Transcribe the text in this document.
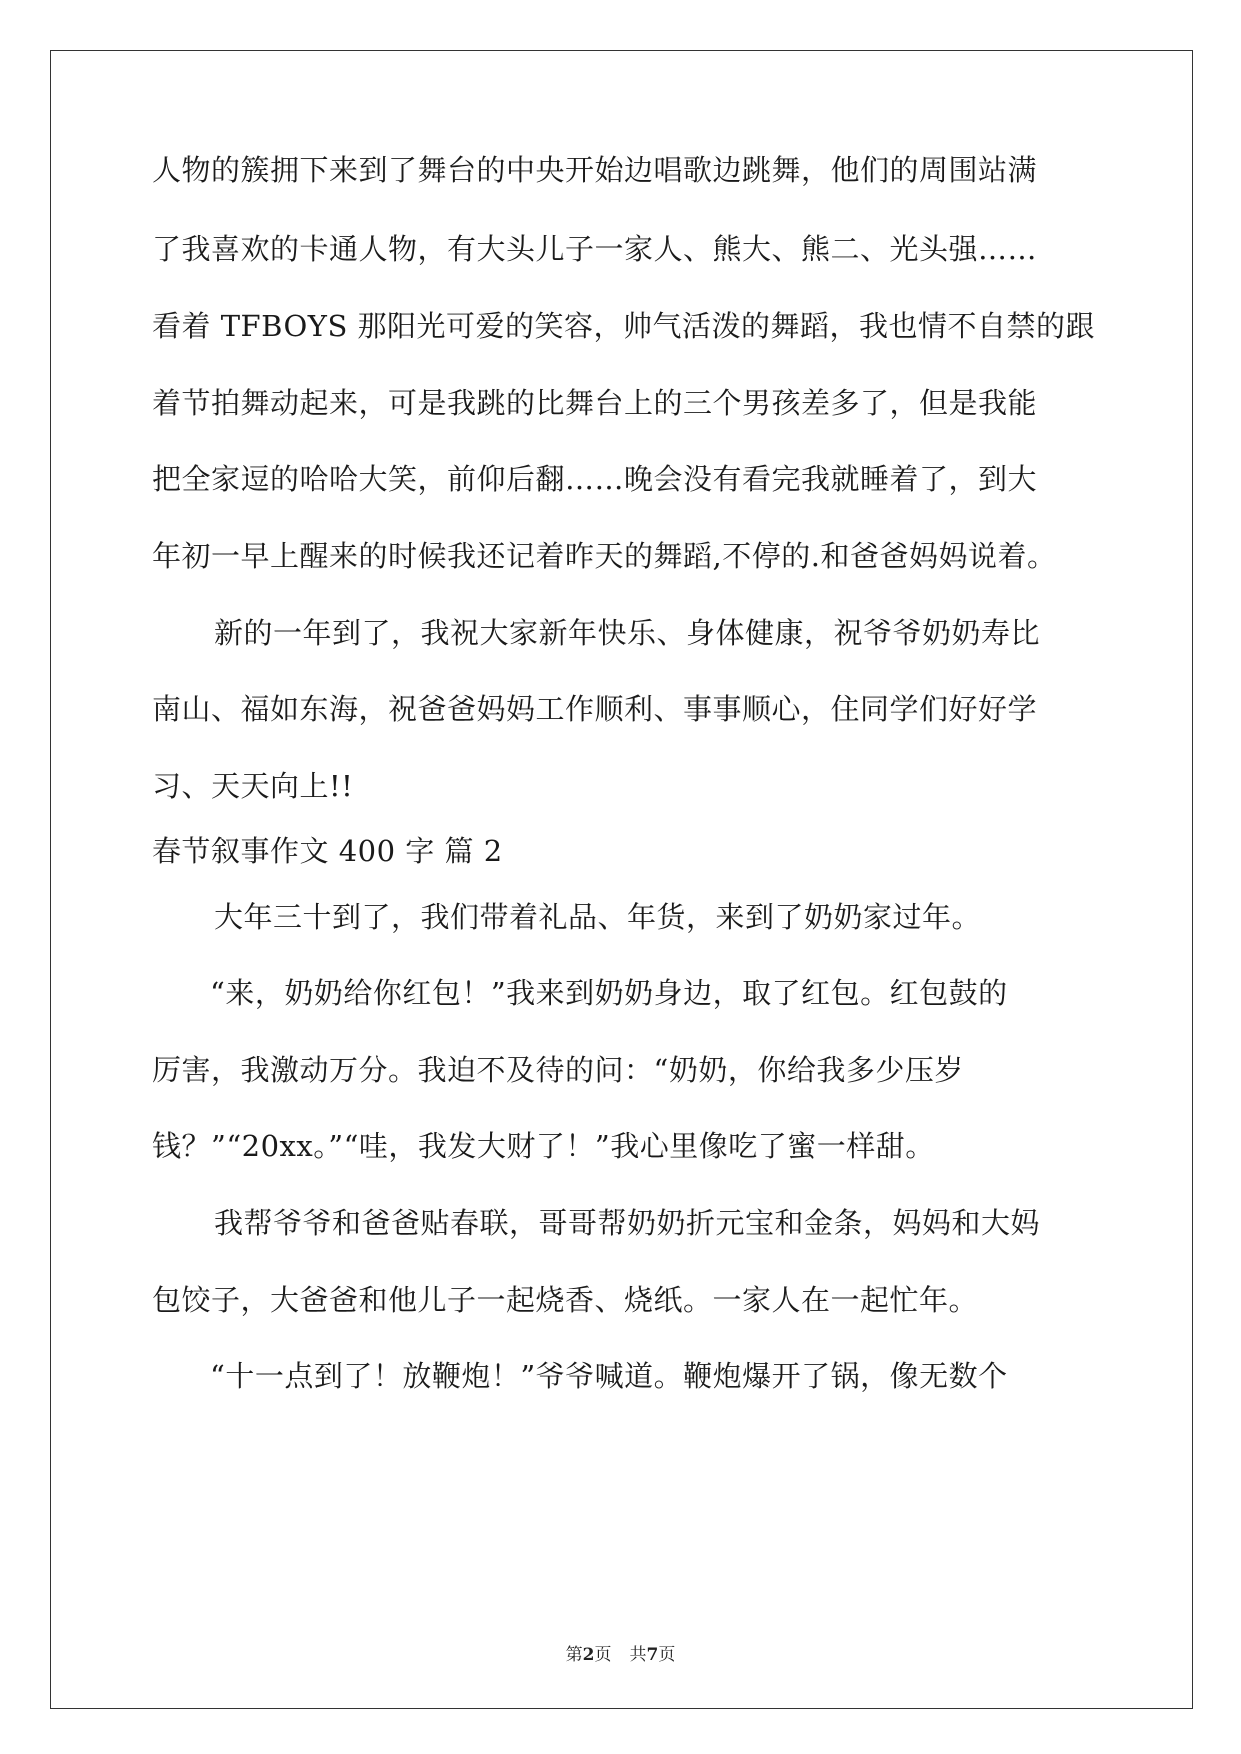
人物的簇拥下来到了舞台的中央开始边唱歌边跳舞，他们的周围站满
了我喜欢的卡通人物，有大头儿子一家人、熊大、熊二、光头强……
看着 TFBOYS 那阳光可爱的笑容，帅气活泼的舞蹈，我也情不自禁的跟
着节拍舞动起来，可是我跳的比舞台上的三个男孩差多了，但是我能
把全家逗的哈哈大笑，前仰后翻……晚会没有看完我就睡着了，到大
年初一早上醒来的时候我还记着昨天的舞蹈,不停的.和爸爸妈妈说着。
新的一年到了，我祝大家新年快乐、身体健康，祝爷爷奶奶寿比
南山、福如东海，祝爸爸妈妈工作顺利、事事顺心，住同学们好好学
习、天天向上!!
春节叙事作文 400 字 篇 2
大年三十到了，我们带着礼品、年货，来到了奶奶家过年。
“来，奶奶给你红包！”我来到奶奶身边，取了红包。红包鼓的
厉害，我激动万分。我迫不及待的问：“奶奶，你给我多少压岁
钱？”“20xx。”“哇，我发大财了！”我心里像吃了蜜一样甜。
我帮爷爷和爸爸贴春联，哥哥帮奶奶折元宝和金条，妈妈和大妈
包饺子，大爸爸和他儿子一起烧香、烧纸。一家人在一起忙年。
“十一点到了！放鞭炮！”爷爷喊道。鞭炮爆开了锅，像无数个
第2页 共7页
